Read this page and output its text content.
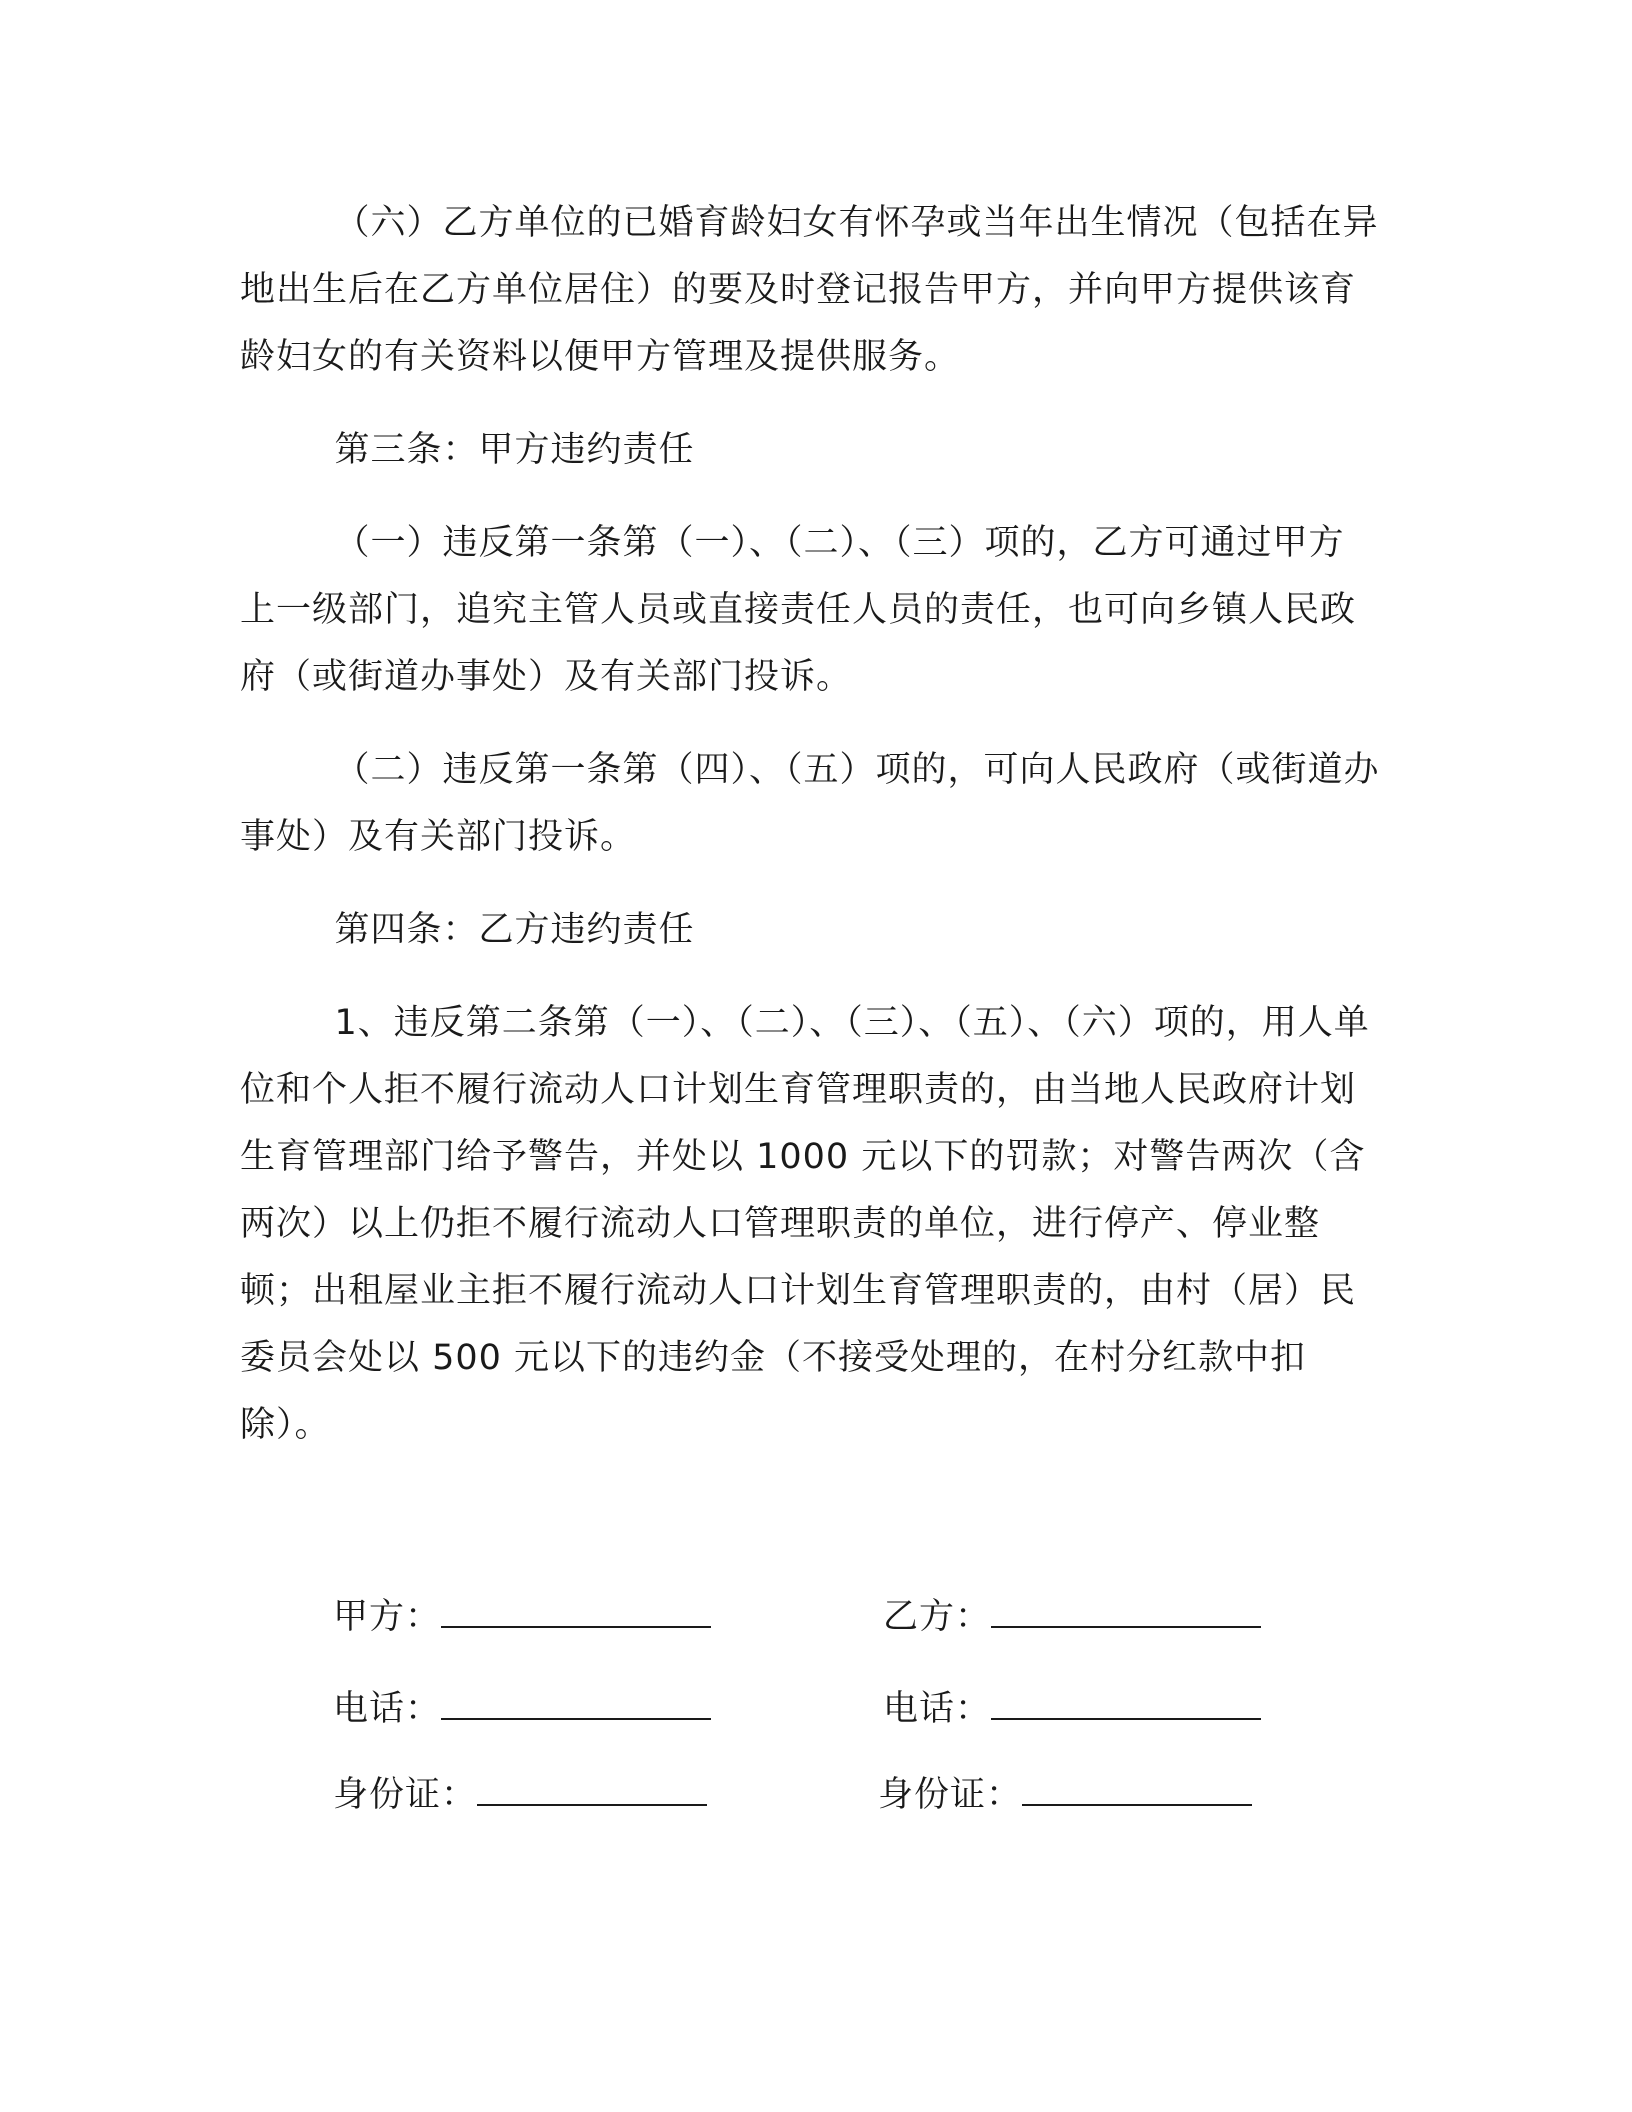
（六）乙方单位的已婚育龄妇女有怀孕或当年出生情况（包括在异地出生后在乙方单位居住）的要及时登记报告甲方，并向甲方提供该育龄妇女的有关资料以便甲方管理及提供服务。

第三条：甲方违约责任

（一）违反第一条第（一）、（二）、（三）项的，乙方可通过甲方上一级部门，追究主管人员或直接责任人员的责任，也可向乡镇人民政府（或街道办事处）及有关部门投诉。

（二）违反第一条第（四）、（五）项的，可向人民政府（或街道办事处）及有关部门投诉。

第四条：乙方违约责任

1、违反第二条第（一）、（二）、（三）、（五）、（六）项的，用人单位和个人拒不履行流动人口计划生育管理职责的，由当地人民政府计划生育管理部门给予警告，并处以 1000 元以下的罚款；对警告两次（含两次）以上仍拒不履行流动人口管理职责的单位，进行停产、停业整顿；出租屋业主拒不履行流动人口计划生育管理职责的，由村（居）民委员会处以 500 元以下的违约金（不接受处理的，在村分红款中扣除）。

甲方：	乙方：
电话：	电话：
身份证：	身份证：
